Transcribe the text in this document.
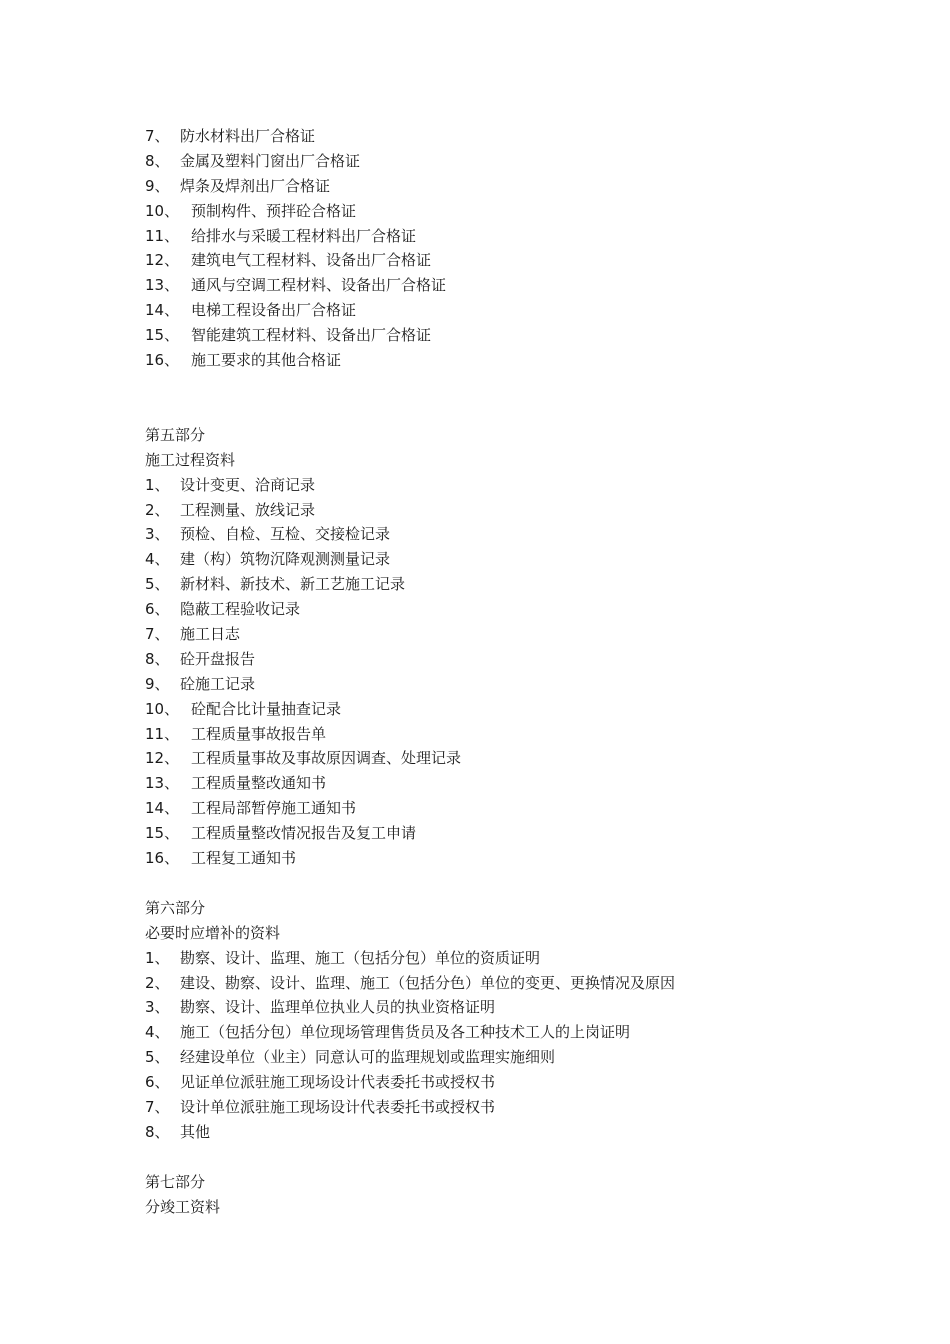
7、 防水材料出厂合格证
8、 金属及塑料门窗出厂合格证
9、 焊条及焊剂出厂合格证
10、 预制构件、预拌砼合格证
11、 给排水与采暖工程材料出厂合格证
12、 建筑电气工程材料、设备出厂合格证
13、 通风与空调工程材料、设备出厂合格证
14、 电梯工程设备出厂合格证
15、 智能建筑工程材料、设备出厂合格证
16、 施工要求的其他合格证
第五部分
施工过程资料
1、 设计变更、洽商记录
2、 工程测量、放线记录
3、 预检、自检、互检、交接检记录
4、 建（构）筑物沉降观测测量记录
5、 新材料、新技术、新工艺施工记录
6、 隐蔽工程验收记录
7、 施工日志
8、 砼开盘报告
9、 砼施工记录
10、 砼配合比计量抽查记录
11、 工程质量事故报告单
12、 工程质量事故及事故原因调查、处理记录
13、 工程质量整改通知书
14、 工程局部暂停施工通知书
15、 工程质量整改情况报告及复工申请
16、 工程复工通知书
第六部分
必要时应增补的资料
1、 勘察、设计、监理、施工（包括分包）单位的资质证明
2、 建设、勘察、设计、监理、施工（包括分色）单位的变更、更换情况及原因
3、 勘察、设计、监理单位执业人员的执业资格证明
4、 施工（包括分包）单位现场管理售货员及各工种技术工人的上岗证明
5、 经建设单位（业主）同意认可的监理规划或监理实施细则
6、 见证单位派驻施工现场设计代表委托书或授权书
7、 设计单位派驻施工现场设计代表委托书或授权书
8、 其他
第七部分
分竣工资料
